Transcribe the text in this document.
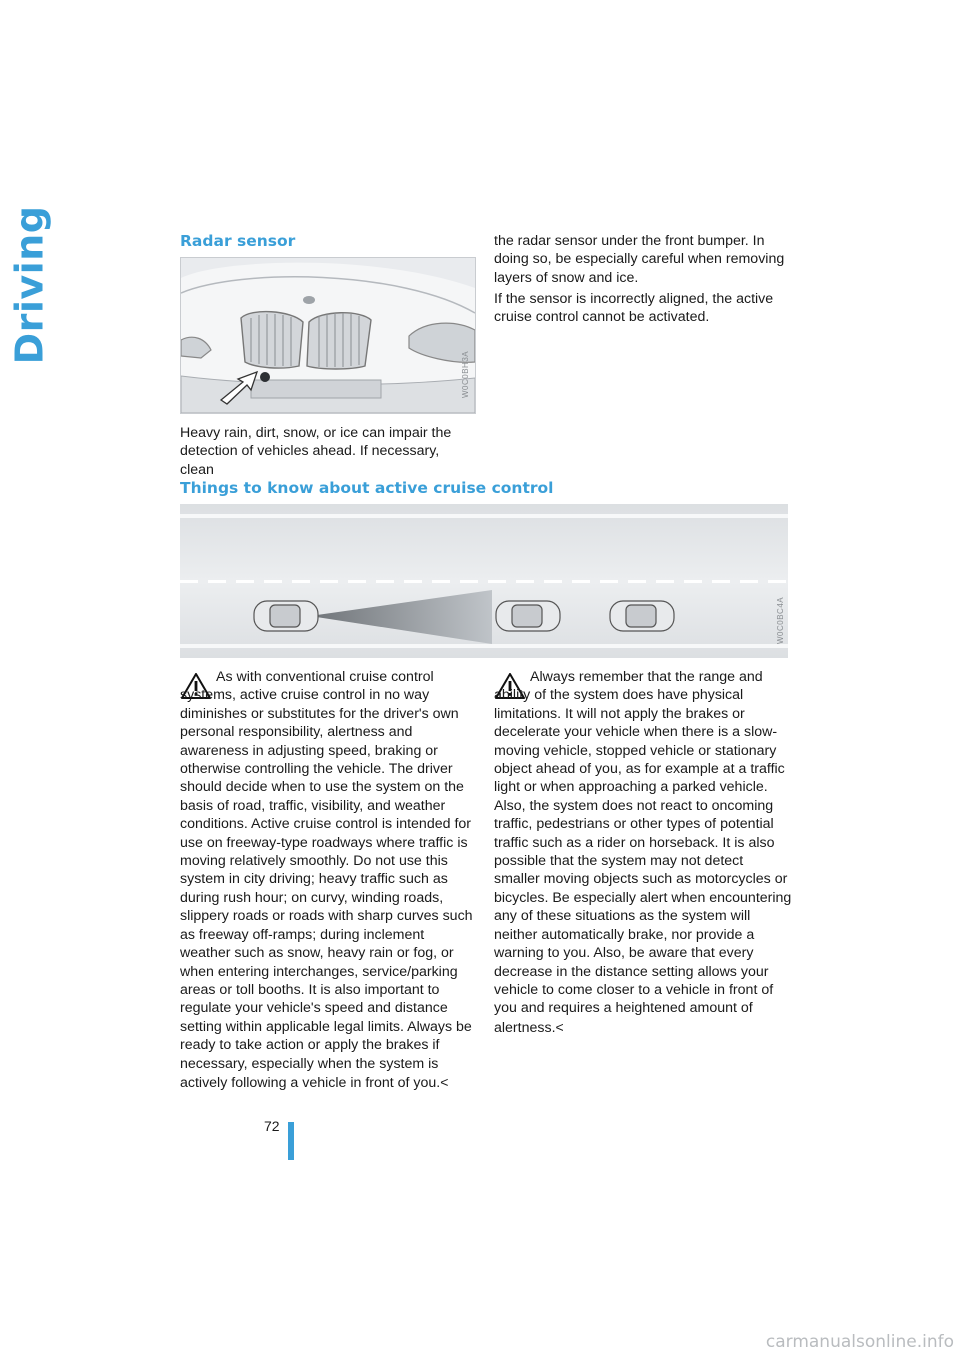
Driving	Radar sensor
W0C0BH3A

Heavy rain, dirt, snow, or ice can impair the detection of vehicles ahead. If necessary, clean

the radar sensor under the front bumper. In doing so, be especially careful when removing layers of snow and ice.

If the sensor is incorrectly aligned, the active cruise control cannot be activated.

Things to know about active cruise control
W0C0BC4A

As with conventional cruise control systems, active cruise control in no way diminishes or substitutes for the driver's own personal responsibility, alertness and awareness in adjusting speed, braking or otherwise controlling the vehicle. The driver should decide when to use the system on the basis of road, traffic, visibility, and weather conditions. Active cruise control is intended for use on freeway-type roadways where traffic is moving relatively smoothly. Do not use this system in city driving; heavy traffic such as during rush hour; on curvy, winding roads, slippery roads or roads with sharp curves such as freeway off-ramps; during inclement weather such as snow, heavy rain or fog, or when entering interchanges, service/parking areas or toll booths. It is also important to regulate your vehicle's speed and distance setting within applicable legal limits. Always be ready to take action or apply the brakes if necessary, especially when the system is actively following a vehicle in front of you.<

Always remember that the range and ability of the system does have physical limitations. It will not apply the brakes or decelerate your vehicle when there is a slow-moving vehicle, stopped vehicle or stationary object ahead of you, as for example at a traffic light or when approaching a parked vehicle. Also, the system does not react to oncoming traffic, pedestrians or other types of potential traffic such as a rider on horseback. It is also possible that the system may not detect smaller moving objects such as motorcycles or bicycles. Be especially alert when encountering any of these situations as the system will neither automatically brake, nor provide a warning to you. Also, be aware that every decrease in the distance setting allows your vehicle to come closer to a vehicle in front of you and requires a heightened amount of alertness.<

72
carmanualsonline.info
